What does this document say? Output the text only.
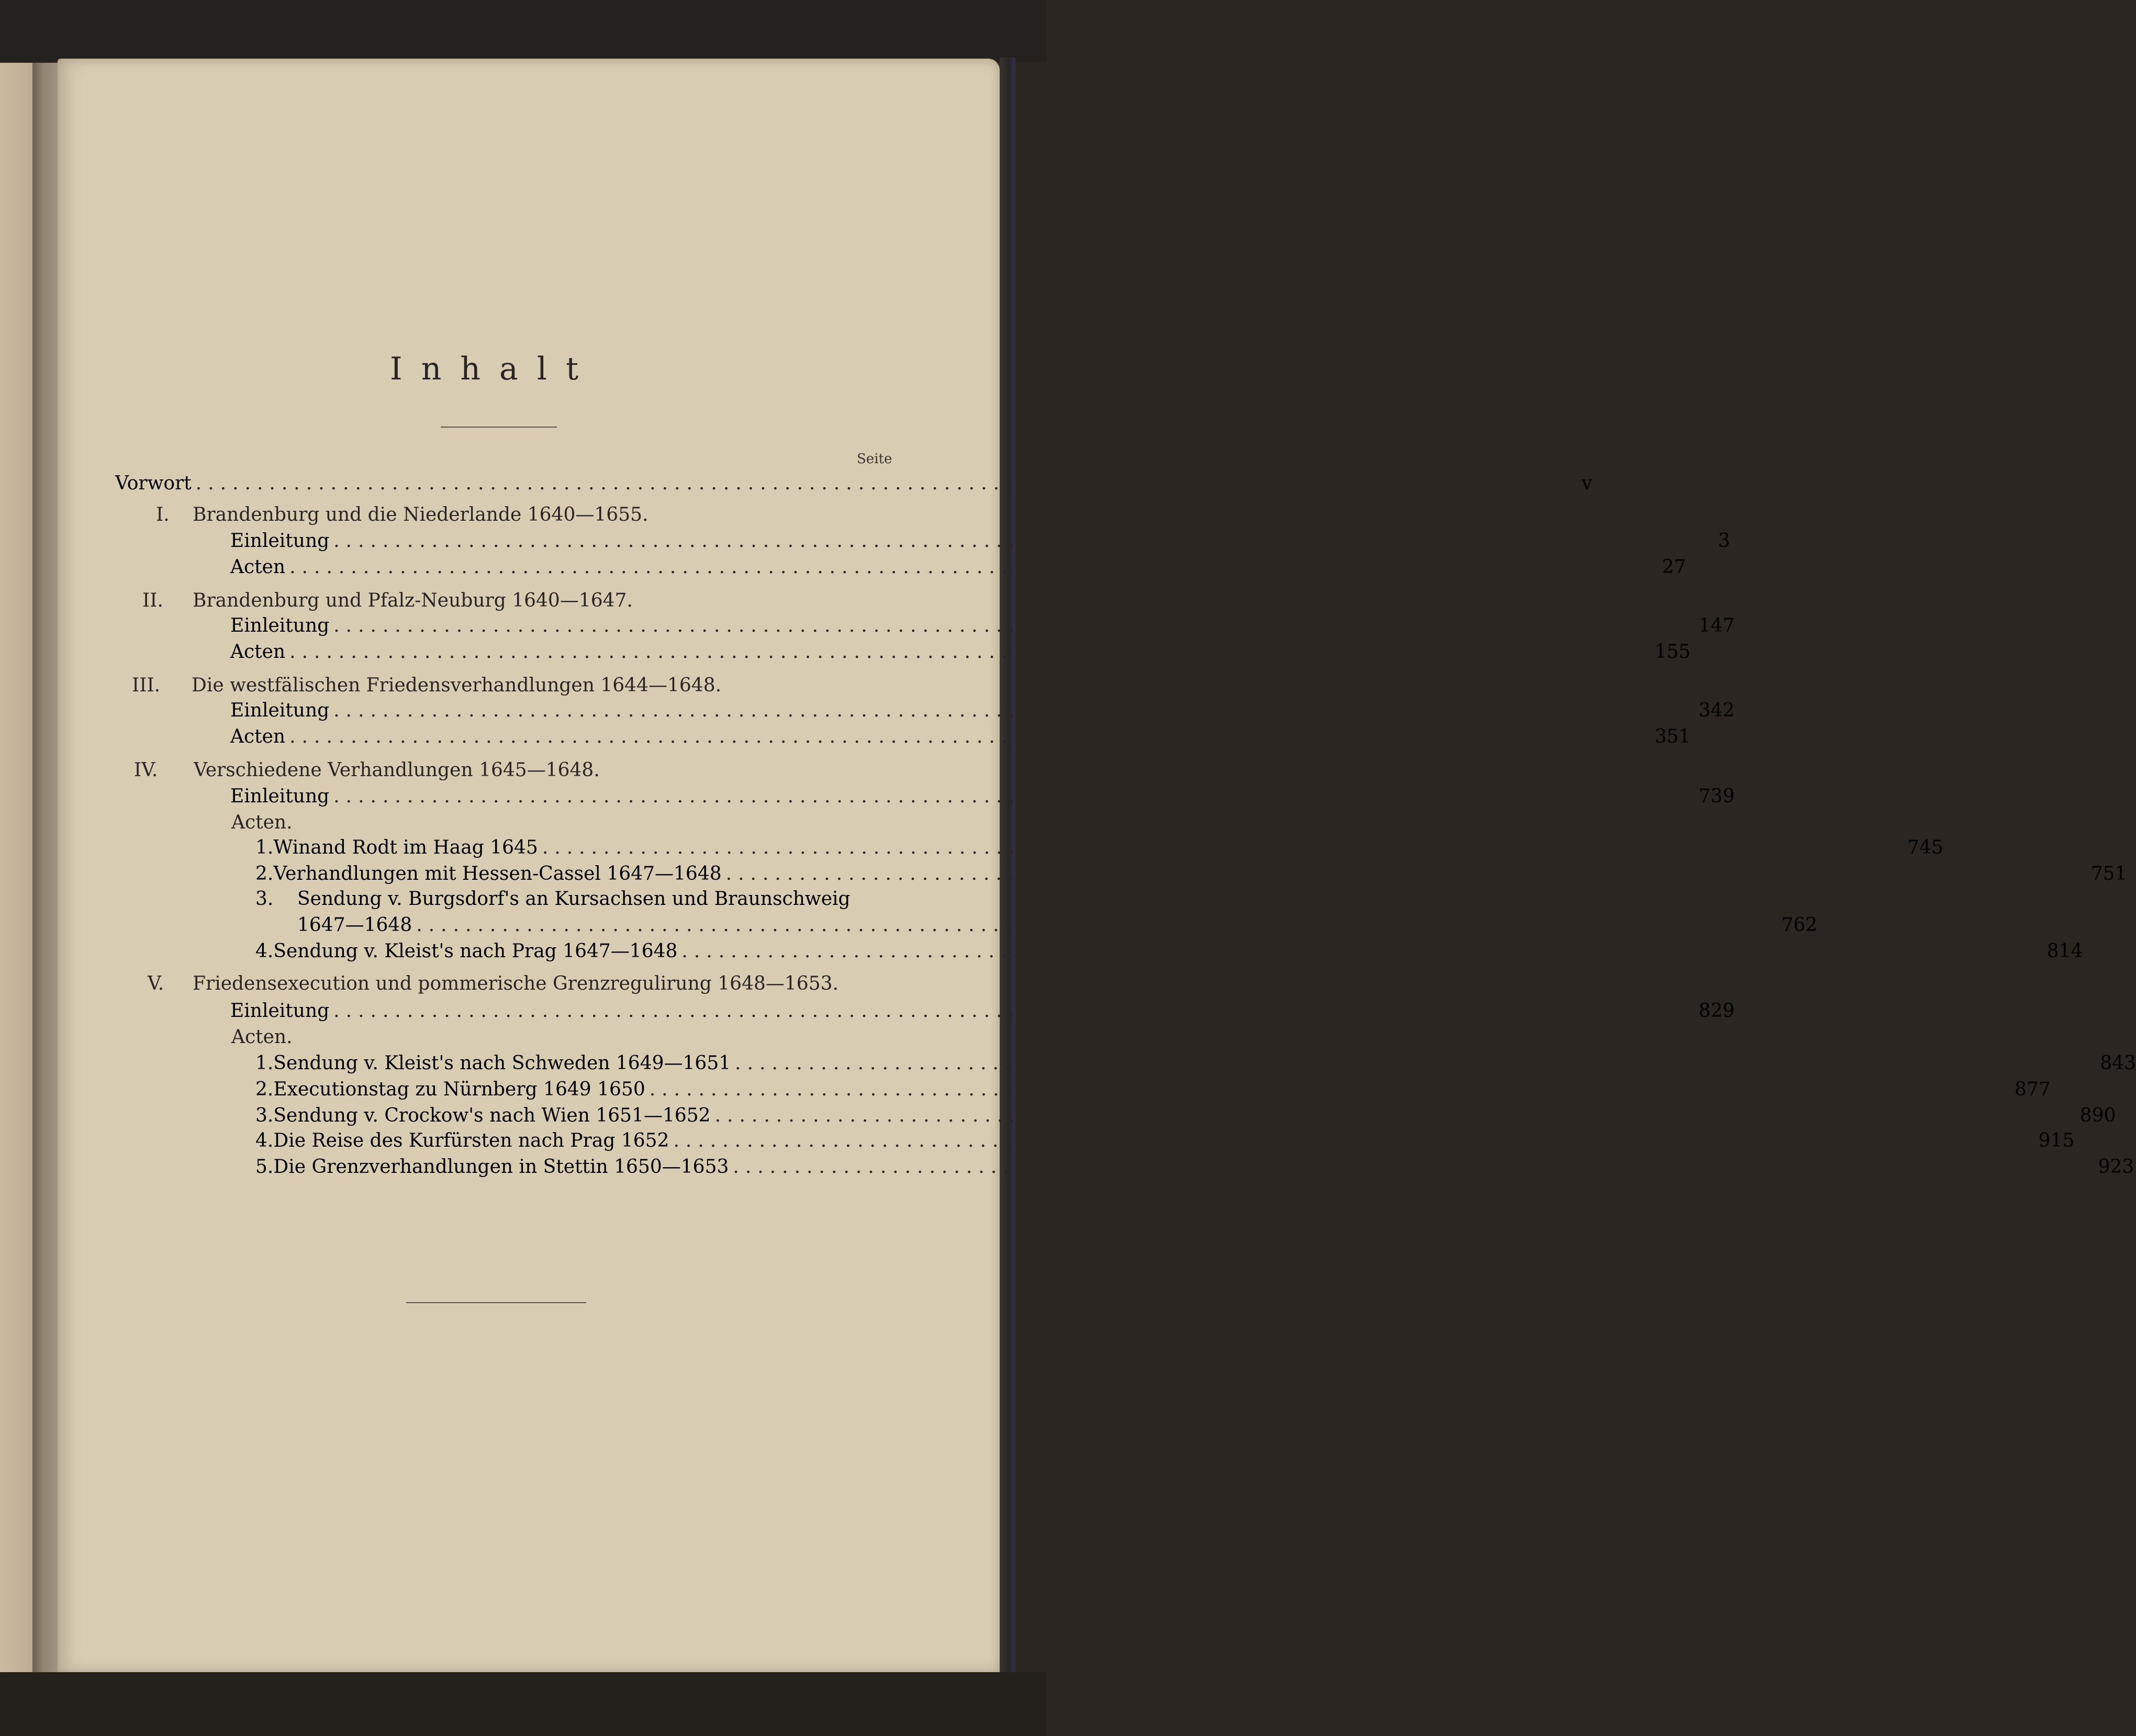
Inhalt
Seite
Vorwort ...............................................................................................................	v
I. Brandenburg und die Niederlande 1640—1655.
Einleitung ...............................................................................................................	3
Acten ............................................................................................................... 27
II. Brandenburg und Pfalz-Neuburg 1640—1647.
Einleitung ............................................................................................................... 147
Acten ............................................................................................................... 155
III. Die westfälischen Friedensverhandlungen 1644—1648.
Einleitung ............................................................................................................... 342
Acten ............................................................................................................... 351
IV. Verschiedene Verhandlungen 1645—1648.
Einleitung ............................................................................................................... 739
Acten.
1. Winand Rodt im Haag 1645 ............................................................................................................... 745
2. Verhandlungen mit Hessen-Cassel 1647—1648 ............................................................................................................... 751
3.	Sendung v. Burgsdorf's an Kursachsen und Braunschweig
1647—1648 ............................................................................................................... 762
4. Sendung v. Kleist's nach Prag 1647—1648 ............................................................................................................... 814
V. Friedensexecution und pommerische Grenzregulirung 1648—1653.
Einleitung ............................................................................................................... 829
Acten.
1. Sendung v. Kleist's nach Schweden 1649—1651 ............................................................................................................... 843
2. Executionstag zu Nürnberg 1649 1650 ............................................................................................................... 877
3. Sendung v. Crockow's nach Wien 1651—1652 ............................................................................................................... 890
4. Die Reise des Kurfürsten nach Prag 1652 ............................................................................................................... 915
5. Die Grenzverhandlungen in Stettin 1650—1653 ............................................................................................................... 923
